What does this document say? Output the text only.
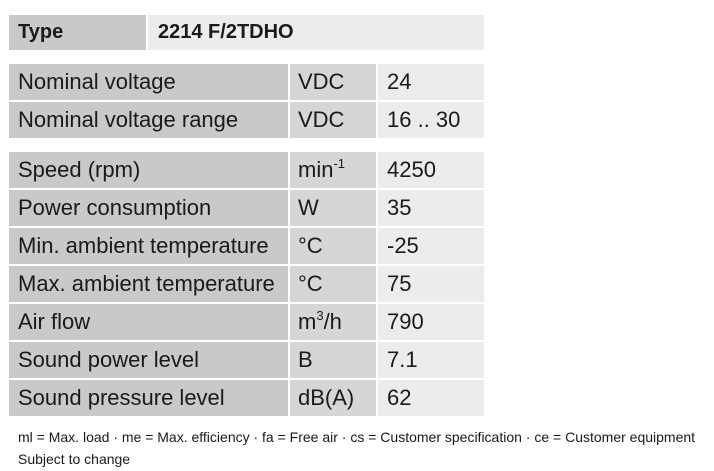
Type	2214 F/2TDHO
Nominal voltage	VDC	24
Nominal voltage range	VDC	16 .. 30
Speed (rpm)	$\min^{-1}$	4250
Power consumption	W	35
Min. ambient temperature	°C	-25
Max. ambient temperature	°C	75
Air flow	$m^3/h$	790
Sound power level	B	7.1
Sound pressure level	dB(A)	62
ml = Max. load · me = Max. efficiency · fa = Free air · cs = Customer specification · ce = Customer equipment
Subject to change
